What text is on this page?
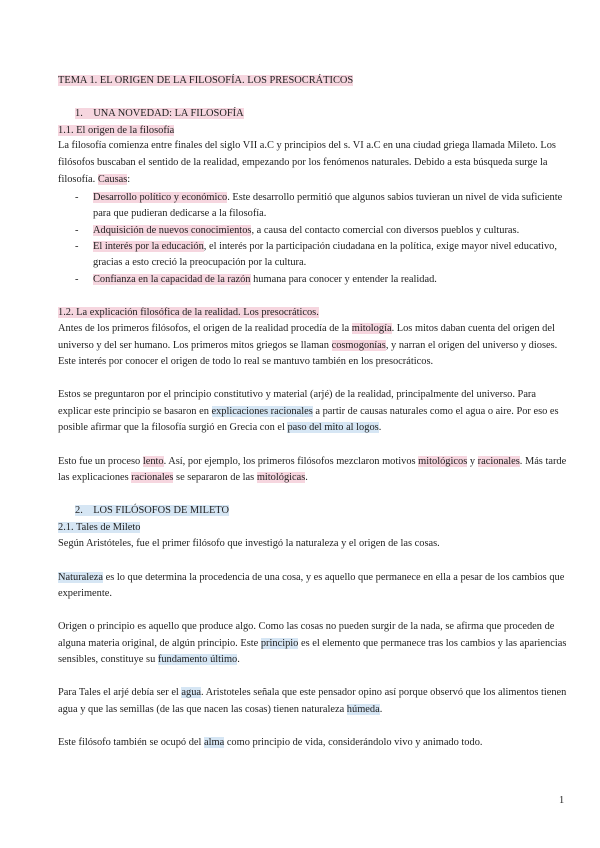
TEMA 1. EL ORIGEN DE LA FILOSOFÍA. LOS PRESOCRÁTICOS
1. UNA NOVEDAD: LA FILOSOFÍA
1.1. El origen de la filosofía
La filosofía comienza entre finales del siglo VII a.C y principios del s. VI a.C en una ciudad griega llamada Mileto. Los
filósofos buscaban el sentido de la realidad, empezando por los fenómenos naturales. Debido a esta búsqueda surge la
filosofía. Causas:
- Desarrollo político y económico. Este desarrollo permitió que algunos sabios tuvieran un nivel de vida suficiente
para que pudieran dedicarse a la filosofía.
- Adquisición de nuevos conocimientos, a causa del contacto comercial con diversos pueblos y culturas.
- El interés por la educación, el interés por la participación ciudadana en la política, exige mayor nivel educativo,
gracias a esto creció la preocupación por la cultura.
- Confianza en la capacidad de la razón humana para conocer y entender la realidad.
1.2. La explicación filosófica de la realidad. Los presocráticos.
Antes de los primeros filósofos, el origen de la realidad procedía de la mitología. Los mitos daban cuenta del origen del
universo y del ser humano. Los primeros mitos griegos se llaman cosmogonías, y narran el origen del universo y dioses.
Este interés por conocer el origen de todo lo real se mantuvo también en los presocráticos.
Estos se preguntaron por el principio constitutivo y material (arjé) de la realidad, principalmente del universo. Para
explicar este principio se basaron en explicaciones racionales a partir de causas naturales como el agua o aire. Por eso es
posible afirmar que la filosofía surgió en Grecia con el paso del mito al logos.
Esto fue un proceso lento. Así, por ejemplo, los primeros filósofos mezclaron motivos mitológicos y racionales. Más tarde
las explicaciones racionales se separaron de las mitológicas.
2. LOS FILÓSOFOS DE MILETO
2.1. Tales de Mileto
Según Aristóteles, fue el primer filósofo que investigó la naturaleza y el origen de las cosas.
Naturaleza es lo que determina la procedencia de una cosa, y es aquello que permanece en ella a pesar de los cambios que
experimente.
Origen o principio es aquello que produce algo. Como las cosas no pueden surgir de la nada, se afirma que proceden de
alguna materia original, de algún principio. Este principio es el elemento que permanece tras los cambios y las apariencias
sensibles, constituye su fundamento último.
Para Tales el arjé debía ser el agua. Aristoteles señala que este pensador opino así porque observó que los alimentos tienen
agua y que las semillas (de las que nacen las cosas) tienen naturaleza húmeda.
Este filósofo también se ocupó del alma como principio de vida, considerándolo vivo y animado todo.
1
